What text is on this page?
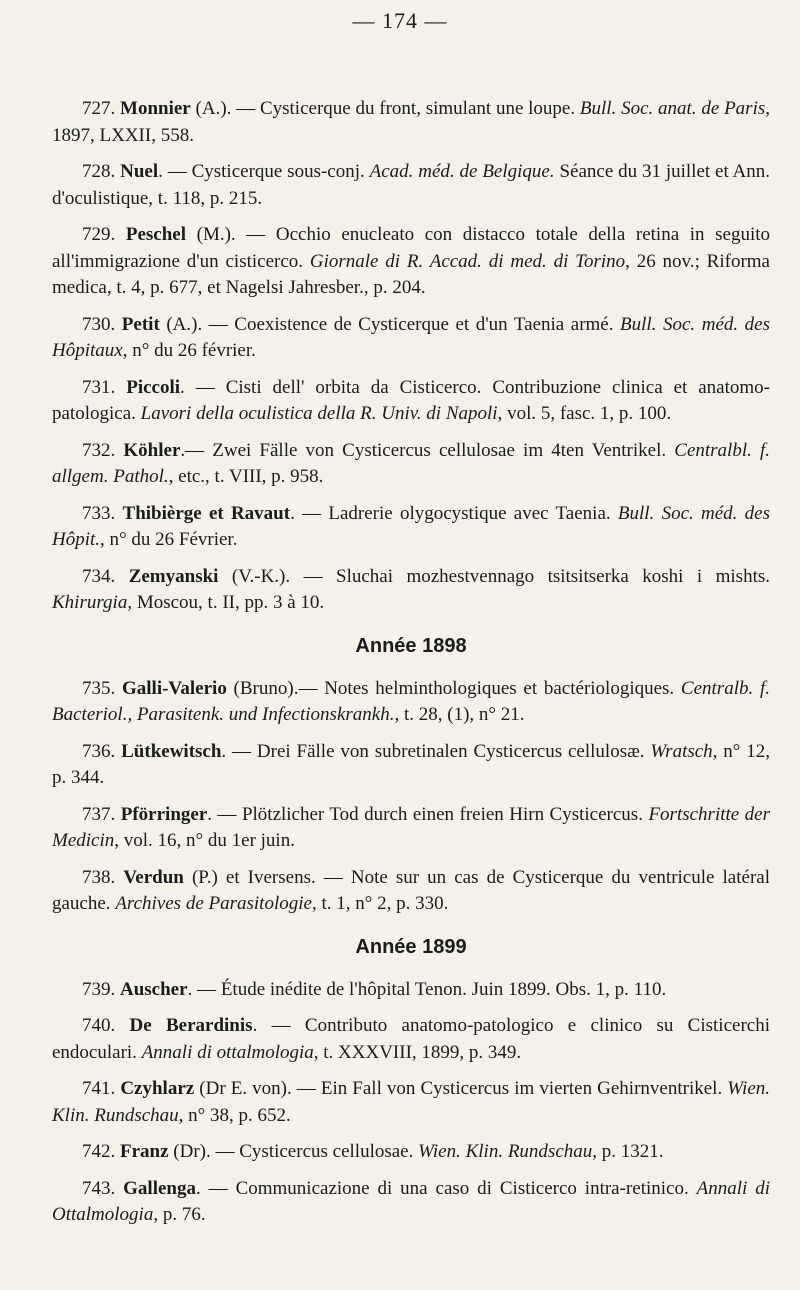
— 174 —

727. Monnier (A.). — Cysticerque du front, simulant une loupe. Bull. Soc. anat. de Paris, 1897, LXXII, 558.

728. Nuel. — Cysticerque sous-conj. Acad. méd. de Belgique. Séance du 31 juillet et Ann. d'oculistique, t. 118, p. 215.

729. Peschel (M.). — Occhio enucleato con distacco totale della retina in seguito all'immigrazione d'un cisticerco. Giornale di R. Accad. di med. di Torino, 26 nov.; Riforma medica, t. 4, p. 677, et Nagelsi Jahresber., p. 204.

730. Petit (A.). — Coexistence de Cysticerque et d'un Taenia armé. Bull. Soc. méd. des Hôpitaux, n° du 26 février.

731. Piccoli. — Cisti dell' orbita da Cisticerco. Contribuzione clinica et anatomo-patologica. Lavori della oculistica della R. Univ. di Napoli, vol. 5, fasc. 1, p. 100.

732. Köhler.— Zwei Fälle von Cysticercus cellulosae im 4ten Ventrikel. Centralbl. f. allgem. Pathol., etc., t. VIII, p. 958.

733. Thibièrge et Ravaut. — Ladrerie olygocystique avec Taenia. Bull. Soc. méd. des Hôpit., n° du 26 Février.

734. Zemyanski (V.-K.). — Sluchai mozhestvennago tsitsitserka koshi i mishts. Khirurgia, Moscou, t. II, pp. 3 à 10.

Année 1898

735. Galli-Valerio (Bruno).— Notes helminthologiques et bactériologiques. Centralb. f. Bacteriol., Parasitenk. und Infectionskrankh., t. 28, (1), n° 21.

736. Lütkewitsch. — Drei Fälle von subretinalen Cysticercus cellulosæ. Wratsch, n° 12, p. 344.

737. Pförringer. — Plötzlicher Tod durch einen freien Hirn Cysticercus. Fortschritte der Medicin, vol. 16, n° du 1er juin.

738. Verdun (P.) et Iversens. — Note sur un cas de Cysticerque du ventricule latéral gauche. Archives de Parasitologie, t. 1, n° 2, p. 330.

Année 1899

739. Auscher. — Étude inédite de l'hôpital Tenon. Juin 1899. Obs. 1, p. 110.

740. De Berardinis. — Contributo anatomo-patologico e clinico su Cisticerchi endoculari. Annali di ottalmologia, t. XXXVIII, 1899, p. 349.

741. Czyhlarz (Dr E. von). — Ein Fall von Cysticercus im vierten Gehirnventrikel. Wien. Klin. Rundschau, n° 38, p. 652.

742. Franz (Dr). — Cysticercus cellulosae. Wien. Klin. Rundschau, p. 1321.

743. Gallenga. — Communicazione di una caso di Cisticerco intra-retinico. Annali di Ottalmologia, p. 76.
